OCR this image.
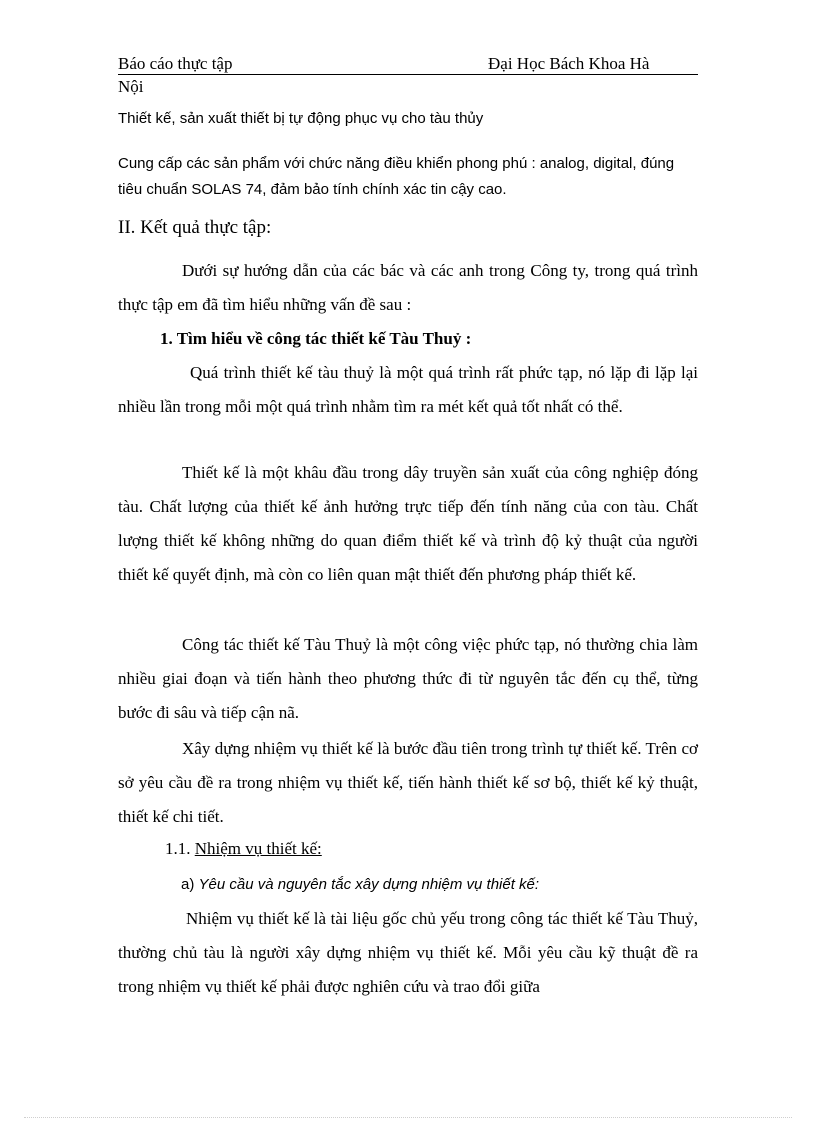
Báo cáo thực tập	Đại Học Bách Khoa Hà
Nội
Thiết kế, sản xuất thiết bị tự động phục vụ cho tàu thủy
Cung cấp các sản phẩm với chức năng điều khiển phong phú : analog, digital, đúng tiêu chuẩn SOLAS 74, đảm bảo tính chính xác tin cậy cao.
II. Kết quả thực tập:
Dưới sự hướng dẫn của các bác và các anh trong Công ty, trong quá trình thực tập em đã tìm hiểu những vấn đề sau :
1. Tìm hiểu về công tác thiết kế Tàu Thuỷ :
Quá trình thiết kế tàu thuỷ là một quá trình rất phức tạp, nó lặp đi lặp lại nhiều lần trong mỗi một quá trình nhằm tìm ra mét kết quả tốt nhất có thể.
Thiết kế là một khâu đầu trong dây truyền sản xuất của công nghiệp đóng tàu. Chất lượng của thiết kế ảnh hưởng trực tiếp đến tính năng của con tàu. Chất lượng thiết kế không những do quan điểm thiết kế và trình độ kỷ thuật của người thiết kế quyết định, mà còn co liên quan mật thiết đến phương pháp thiết kế.
Công tác thiết kế Tàu Thuỷ là một công việc phức tạp, nó thường chia làm nhiều giai đoạn và tiến hành theo phương thức đi từ nguyên tắc đến cụ thể, từng bước đi sâu và tiếp cận nã.
Xây dựng nhiệm vụ thiết kế là bước đầu tiên trong trình tự thiết kế. Trên cơ sở yêu cầu đề ra trong nhiệm vụ thiết kế, tiến hành thiết kế sơ bộ, thiết kế kỷ thuật, thiết kế chi tiết.
1.1. Nhiệm vụ thiết kế:
a) Yêu cầu và nguyên tắc xây dựng nhiệm vụ thiết kế:
Nhiệm vụ thiết kế là tài liệu gốc chủ yếu trong công tác thiết kế Tàu Thuỷ, thường chủ tàu là người xây dựng nhiệm vụ thiết kế. Mỗi yêu cầu kỹ thuật đề ra trong nhiệm vụ thiết kế phải được nghiên cứu và trao đổi giữa
